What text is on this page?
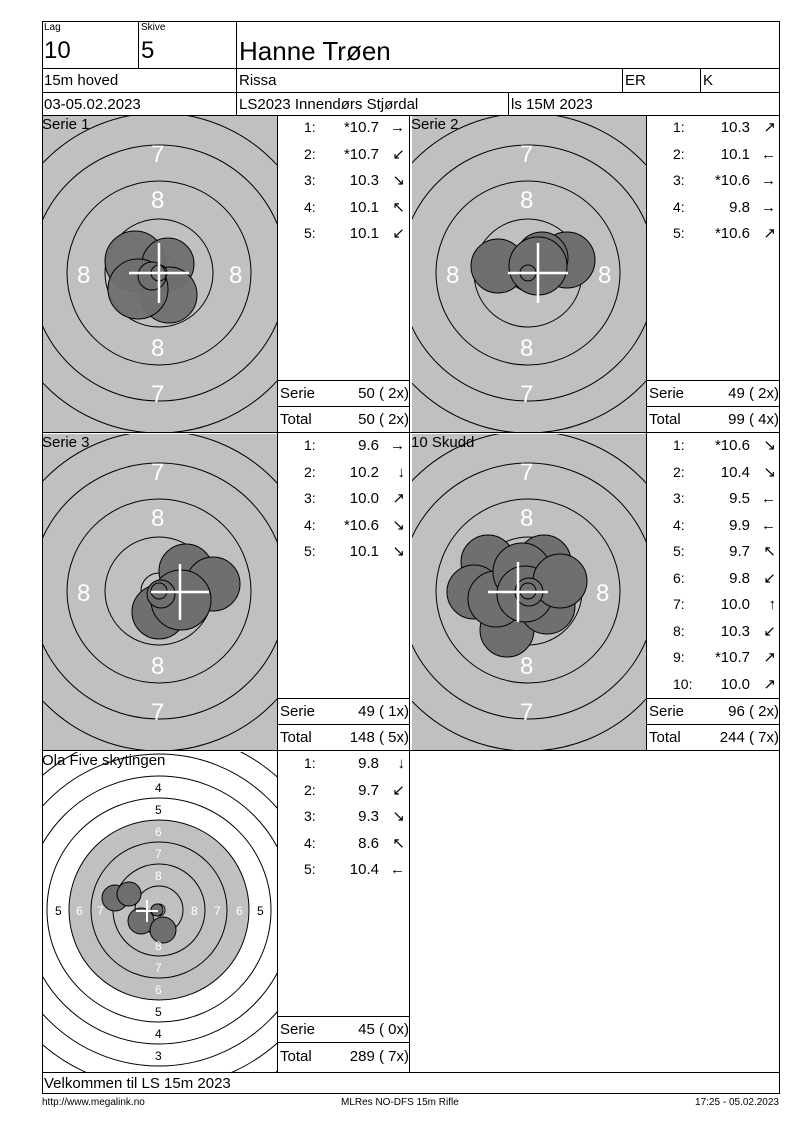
Lag
10
Skive
5	Hanne Trøen
15m hoved	Rissa	ER	K
03-05.02.2023	LS2023 Innendørs Stjørdal	ls 15M 2023
7
8
8	8
8
7
Serie 1
7
8
8	8
8
7
Serie 2
7
8
8
8
7
Serie 3
7
8
8
8
7
10 Skudd
4
5
5	5
5
4
3
6
7
8
6 7	8 7 6
8
7
6
Ola Five skytingen
1: *10.7 →
2: *10.7 ↙
3: 10.3 ↘
4: 10.1 ↖
5: 10.1 ↙
1: 10.3 ↗
2: 10.1 ←
3: *10.6 →
4:	9.8 →
5: *10.6 ↗
1:	9.6 →
2: 10.2 ↓
3: 10.0 ↗
4: *10.6 ↘
5: 10.1 ↘
1: *10.6 ↘
2: 10.4 ↘
3:	9.5 ←
4:	9.9 ←
5:	9.7 ↖
6:	9.8 ↙
7: 10.0 ↑
8: 10.3 ↙
9: *10.7 ↗
10: 10.0 ↗
1:	9.8 ↓
2:	9.7 ↙
3:	9.3 ↘
4:	8.6 ↖
5: 10.4 ←
Serie	50 ( 2x)
Total	50 ( 2x)
Serie	49 ( 2x)
Total	99 ( 4x)
Serie	49 ( 1x)
Total	148 ( 5x)
Serie	96 ( 2x)
Total	244 ( 7x)
Serie	45 ( 0x)
Total	289 ( 7x)
Velkommen til LS 15m 2023
http://www.megalink.no	MLRes NO-DFS 15m Rifle	17:25 - 05.02.2023
